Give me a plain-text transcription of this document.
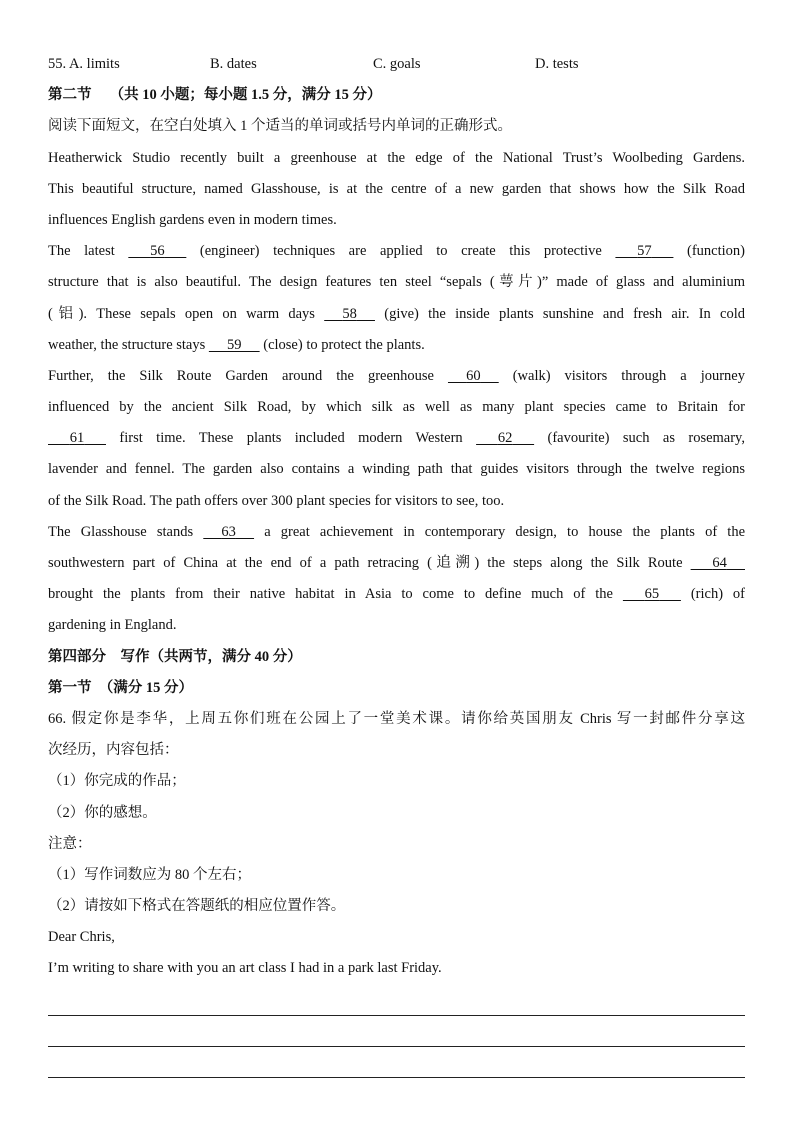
55. A. limits	B. dates	C. goals	D. tests
第二节　 （共 10 小题；每小题 1.5 分，满分 15 分）
阅读下面短文，在空白处填入 1 个适当的单词或括号内单词的正确形式。
Heatherwick Studio recently built a greenhouse at the edge of the National Trust’s Woolbeding Gardens.
This beautiful structure, named Glasshouse, is at the centre of a new garden that shows how the Silk Road
influences English gardens even in modern times.
The latest 56 (engineer) techniques are applied to create this protective 57 (function)
structure that is also beautiful. The design features ten steel “sepals (萼片)” made of glass and aluminium
(铝). These sepals open on warm days 58 (give) the inside plants sunshine and fresh air. In cold
weather, the structure stays 59 (close) to protect the plants.
Further, the Silk Route Garden around the greenhouse 60 (walk) visitors through a journey
influenced by the ancient Silk Road, by which silk as well as many plant species came to Britain for
61 first time. These plants included modern Western 62 (favourite) such as rosemary,
lavender and fennel. The garden also contains a winding path that guides visitors through the twelve regions
of the Silk Road. The path offers over 300 plant species for visitors to see, too.
The Glasshouse stands 63 a great achievement in contemporary design, to house the plants of the
southwestern part of China at the end of a path retracing (追溯) the steps along the Silk Route 64
brought the plants from their native habitat in Asia to come to define much of the 65 (rich) of
gardening in England.
第四部分　写作（共两节，满分 40 分）
第一节　（满分 15 分）
66. 假定你是李华，上周五你们班在公园上了一堂美术课。请你给英国朋友 Chris 写一封邮件分享这
次经历，内容包括：
（1）你完成的作品；
（2）你的感想。
注意：
（1）写作词数应为 80 个左右；
（2）请按如下格式在答题纸的相应位置作答。
Dear Chris,
I’m writing to share with you an art class I had in a park last Friday.
